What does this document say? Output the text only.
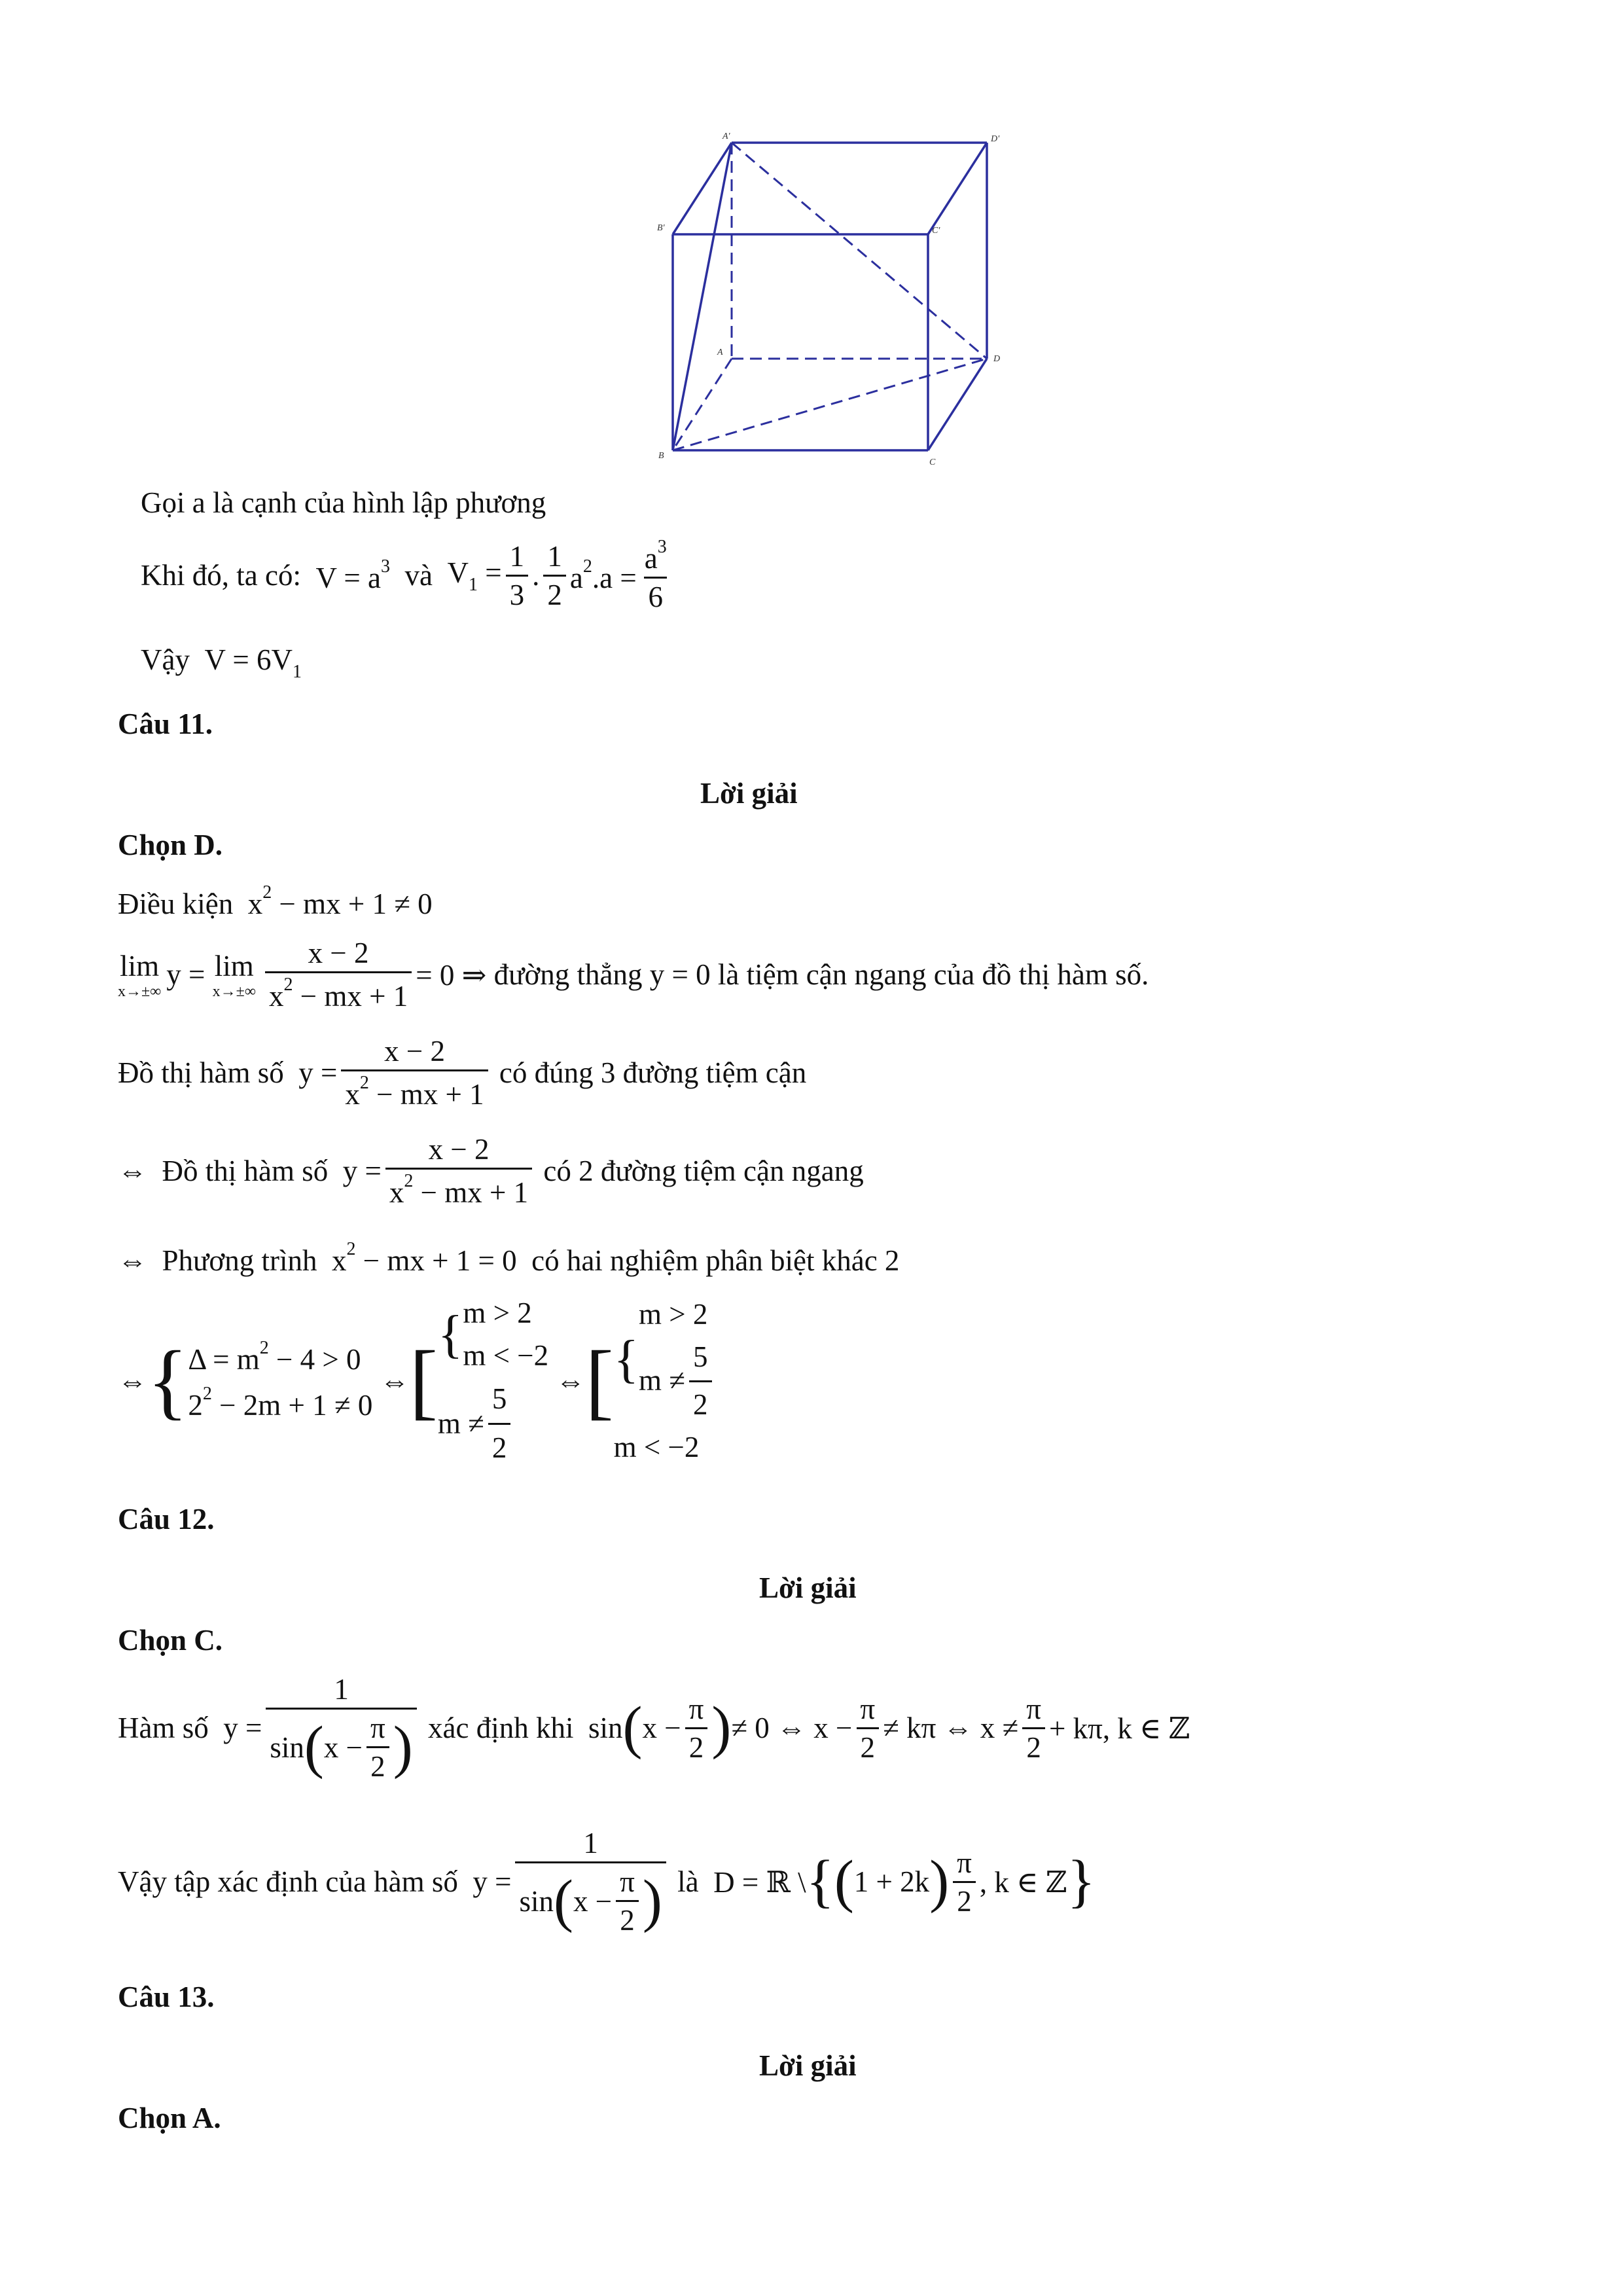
A'	D'
B'	C'
A
D
B
C
Gọi a là cạnh của hình lập phương
Khi đó, ta có:
$V = a^3$
và
$V_1 = \frac{1}{3}$ . $\frac{1}{2} a^2.a = \frac{a^3}{6}$
Vậy $V = 6V_1$
Câu 11.
Lời giải
Chọn D.
Điều kiện $x^2$ − mx + 1 ≠ 0
lim
x→±∞
y = lim
$x\to\pm\infty \frac{x - 2}{x^2 - mx + 1} = 0$ ⇒ đường thẳng y = 0 là tiệm cận ngang của đồ thị hàm số.
Đồ thị hàm số
$y = \frac{x - 2}{x^2 - mx + 1}$
có đúng 3 đường tiệm cận
⇔ Đồ thị hàm số
$y = \frac{x - 2}{x^2 - mx + 1}$
có 2 đường tiệm cận ngang
⇔  Phương trình $x^2$ − mx + 1 = 0 có hai nghiệm phân biệt khác 2
⇔ { $\Delta = m^2 - 4 > 0$
$2^2 - 2m + 1 \ne 0$
⇔ [ { m > 2
m < −2
$m \ne \frac{5}{2}$ ⇔ [ {
m > 2
$m \ne \frac{5}{2}$
m < −2
Câu 12.
Lời giải
Chọn C.
Hàm số
$y = \frac{1}{\sin ( x - \frac{\pi}{2} )}$
xác định khi
sin ( $x - \frac{\pi}{2}$ ) ≠ 0 ⇔ $x - \frac{\pi}{2} \ne k\pi$ ⇔ $x \ne \frac{\pi}{2} + k\pi$, k ∈ ℤ
Vậy tập xác định của hàm số
$y = \frac{1}{\sin ( x - \frac{\pi}{2} )}$
là
D = ℝ \ { ( 1 + 2k ) $\frac{\pi}{2}$ , k ∈ ℤ }
Câu 13.
Lời giải
Chọn A.
